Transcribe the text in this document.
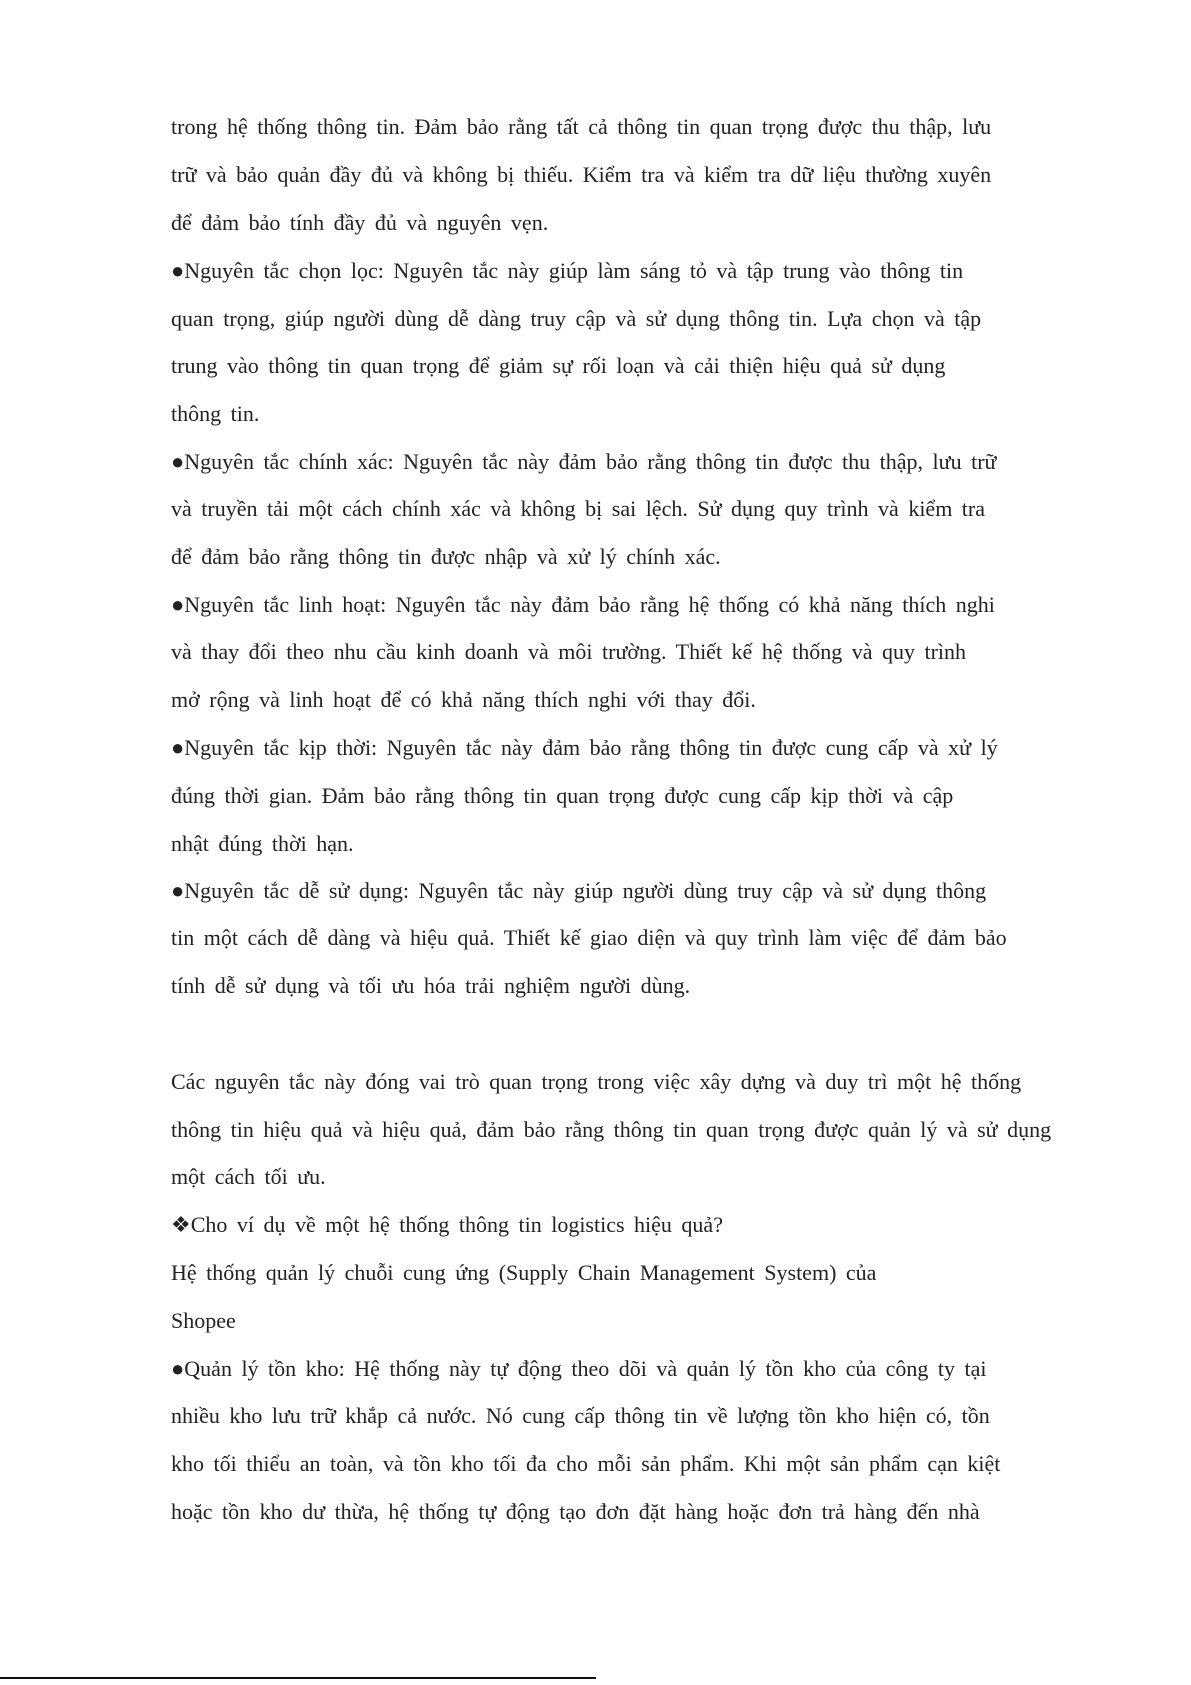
trong hệ thống thông tin. Đảm bảo rằng tất cả thông tin quan trọng được thu thập, lưu
trữ và bảo quản đầy đủ và không bị thiếu. Kiểm tra và kiểm tra dữ liệu thường xuyên
để đảm bảo tính đầy đủ và nguyên vẹn.
●Nguyên tắc chọn lọc: Nguyên tắc này giúp làm sáng tỏ và tập trung vào thông tin
quan trọng, giúp người dùng dễ dàng truy cập và sử dụng thông tin. Lựa chọn và tập
trung vào thông tin quan trọng để giảm sự rối loạn và cải thiện hiệu quả sử dụng
thông tin.
●Nguyên tắc chính xác: Nguyên tắc này đảm bảo rằng thông tin được thu thập, lưu trữ
và truyền tải một cách chính xác và không bị sai lệch. Sử dụng quy trình và kiểm tra
để đảm bảo rằng thông tin được nhập và xử lý chính xác.
●Nguyên tắc linh hoạt: Nguyên tắc này đảm bảo rằng hệ thống có khả năng thích nghi
và thay đổi theo nhu cầu kinh doanh và môi trường. Thiết kế hệ thống và quy trình
mở rộng và linh hoạt để có khả năng thích nghi với thay đổi.
●Nguyên tắc kịp thời: Nguyên tắc này đảm bảo rằng thông tin được cung cấp và xử lý
đúng thời gian. Đảm bảo rằng thông tin quan trọng được cung cấp kịp thời và cập
nhật đúng thời hạn.
●Nguyên tắc dễ sử dụng: Nguyên tắc này giúp người dùng truy cập và sử dụng thông
tin một cách dễ dàng và hiệu quả. Thiết kế giao diện và quy trình làm việc để đảm bảo
tính dễ sử dụng và tối ưu hóa trải nghiệm người dùng.
Các nguyên tắc này đóng vai trò quan trọng trong việc xây dựng và duy trì một hệ thống
thông tin hiệu quả và hiệu quả, đảm bảo rằng thông tin quan trọng được quản lý và sử dụng
một cách tối ưu.
❖Cho ví dụ về một hệ thống thông tin logistics hiệu quả?
Hệ thống quản lý chuỗi cung ứng (Supply Chain Management System) của
Shopee
●Quản lý tồn kho: Hệ thống này tự động theo dõi và quản lý tồn kho của công ty tại
nhiều kho lưu trữ khắp cả nước. Nó cung cấp thông tin về lượng tồn kho hiện có, tồn
kho tối thiểu an toàn, và tồn kho tối đa cho mỗi sản phẩm. Khi một sản phẩm cạn kiệt
hoặc tồn kho dư thừa, hệ thống tự động tạo đơn đặt hàng hoặc đơn trả hàng đến nhà
